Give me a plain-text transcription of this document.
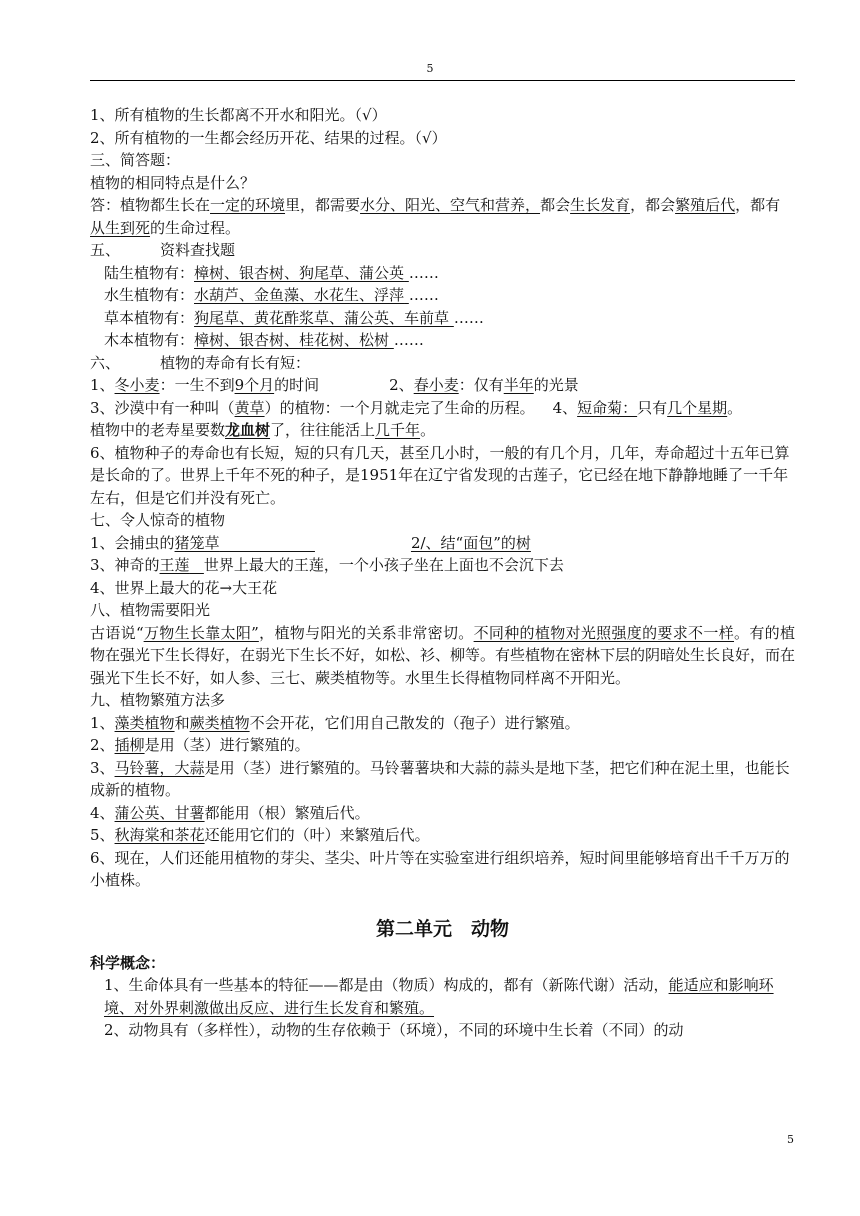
5
1、所有植物的生长都离不开水和阳光。（√）
2、所有植物的一生都会经历开花、结果的过程。（√）
三、简答题：
植物的相同特点是什么？
答：植物都生长在一定的环境里，都需要水分、阳光、空气和营养，都会生长发育，都会繁殖后代，都有从生到死的生命过程。
五、	资料查找题
陆生植物有：樟树、银杏树、狗尾草、蒲公英 ……
水生植物有：水葫芦、金鱼藻、水花生、浮萍 ……
草本植物有：狗尾草、黄花酢浆草、蒲公英、车前草 ……
木本植物有：樟树、银杏树、桂花树、松树 ……
六、	植物的寿命有长有短：
1、冬小麦：一生不到9个月的时间	2、春小麦：仅有半年的光景
3、沙漠中有一种叫（黄草）的植物：一个月就走完了生命的历程。 4、短命菊：只有几个星期。
植物中的老寿星要数龙血树了，往往能活上几千年。
6、植物种子的寿命也有长短，短的只有几天，甚至几小时，一般的有几个月，几年，寿命超过十五年已算是长命的了。世界上千年不死的种子，是1951年在辽宁省发现的古莲子，它已经在地下静静地睡了一千年左右，但是它们并没有死亡。
七、令人惊奇的植物
1、会捕虫的猪笼草	2/、结“面包”的树
3、神奇的王莲 世界上最大的王莲，一个小孩子坐在上面也不会沉下去
4、世界上最大的花→大王花
八、植物需要阳光
古语说“万物生长靠太阳”，植物与阳光的关系非常密切。不同种的植物对光照强度的要求不一样。有的植物在强光下生长得好，在弱光下生长不好，如松、衫、柳等。有些植物在密林下层的阴暗处生长良好，而在强光下生长不好，如人参、三七、蕨类植物等。水里生长得植物同样离不开阳光。
九、植物繁殖方法多
1、藻类植物和蕨类植物不会开花，它们用自己散发的（孢子）进行繁殖。
2、插柳是用（茎）进行繁殖的。
3、马铃薯，大蒜是用（茎）进行繁殖的。马铃薯薯块和大蒜的蒜头是地下茎，把它们种在泥土里，也能长成新的植物。
4、蒲公英、甘薯都能用（根）繁殖后代。
5、秋海棠和茶花还能用它们的（叶）来繁殖后代。
6、现在，人们还能用植物的芽尖、茎尖、叶片等在实验室进行组织培养，短时间里能够培育出千千万万的小植株。
第二单元　动物
科学概念：
1、生命体具有一些基本的特征——都是由（物质）构成的，都有（新陈代谢）活动，能适应和影响环境、对外界刺激做出反应、进行生长发育和繁殖。
2、动物具有（多样性），动物的生存依赖于（环境），不同的环境中生长着（不同）的动
5
